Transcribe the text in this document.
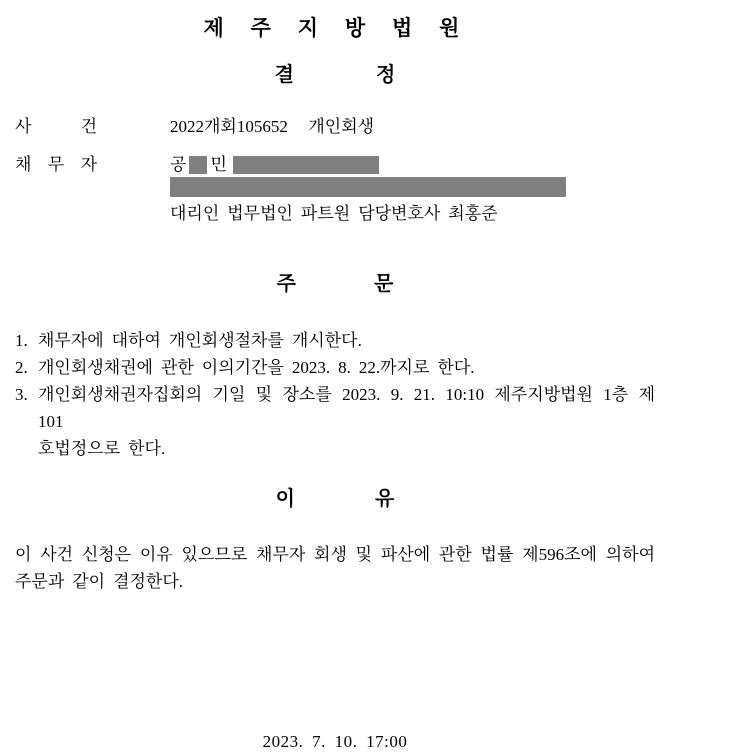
제 주 지 방 법 원
결	정
사	건	2022개회105652 개인회생
채 무 자	공 민
대리인 법무법인 파트원 담당변호사 최홍준
주	문
1. 채무자에 대하여 개인회생절차를 개시한다.
2. 개인회생채권에 관한 이의기간을 2023. 8. 22.까지로 한다.
3. 개인회생채권자집회의 기일 및 장소를 2023. 9. 21. 10:10 제주지방법원 1층 제101
호법정으로 한다.
이	유
이 사건 신청은 이유 있으므로 채무자 회생 및 파산에 관한 법률 제596조에 의하여
주문과 같이 결정한다.
2023. 7. 10. 17:00
